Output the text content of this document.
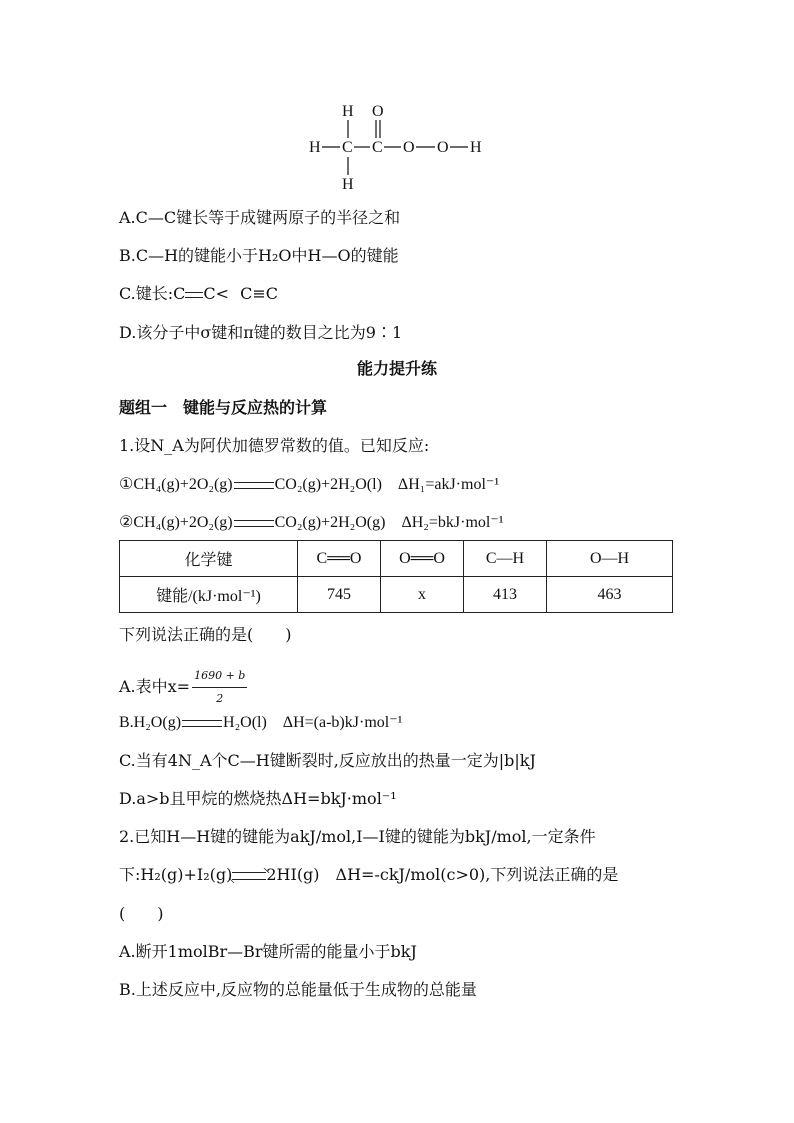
H O
H C C O O H
H
A.C—C键长等于成键两原子的半径之和
B.C—H的键能小于H₂O中H—O的键能
C.键长:C C< C≡C
D.该分子中σ键和π键的数目之比为9∶1
能力提升练
题组一　键能与反应热的计算
1.设N_A为阿伏加德罗常数的值。已知反应:
①CH₄(g)+2O₂(g)	CO₂(g)+2H₂O(l)　ΔH₁=akJ·mol⁻¹
②CH₄(g)+2O₂(g)	CO₂(g)+2H₂O(g)　ΔH₂=bkJ·mol⁻¹
化学键	C══O	O══O	C—H	O—H
键能/(kJ·mol⁻¹)	745	x	413	463
下列说法正确的是(　　)
A.表中$x= \frac{1690 + b}{2}$
B.H₂O(g)	H₂O(l)　ΔH=(a-b)kJ·mol⁻¹
C.当有4N_A个C—H键断裂时,反应放出的热量一定为|b|kJ
D.a>b且甲烷的燃烧热ΔH=bkJ·mol⁻¹
2.已知H—H键的键能为akJ/mol,I—I键的键能为bkJ/mol,一定条件
下:H₂(g)+I₂(g) 2HI(g)　ΔH=-ckJ/mol(c>0),下列说法正确的是
(　　)
A.断开1molBr—Br键所需的能量小于bkJ
B.上述反应中,反应物的总能量低于生成物的总能量
